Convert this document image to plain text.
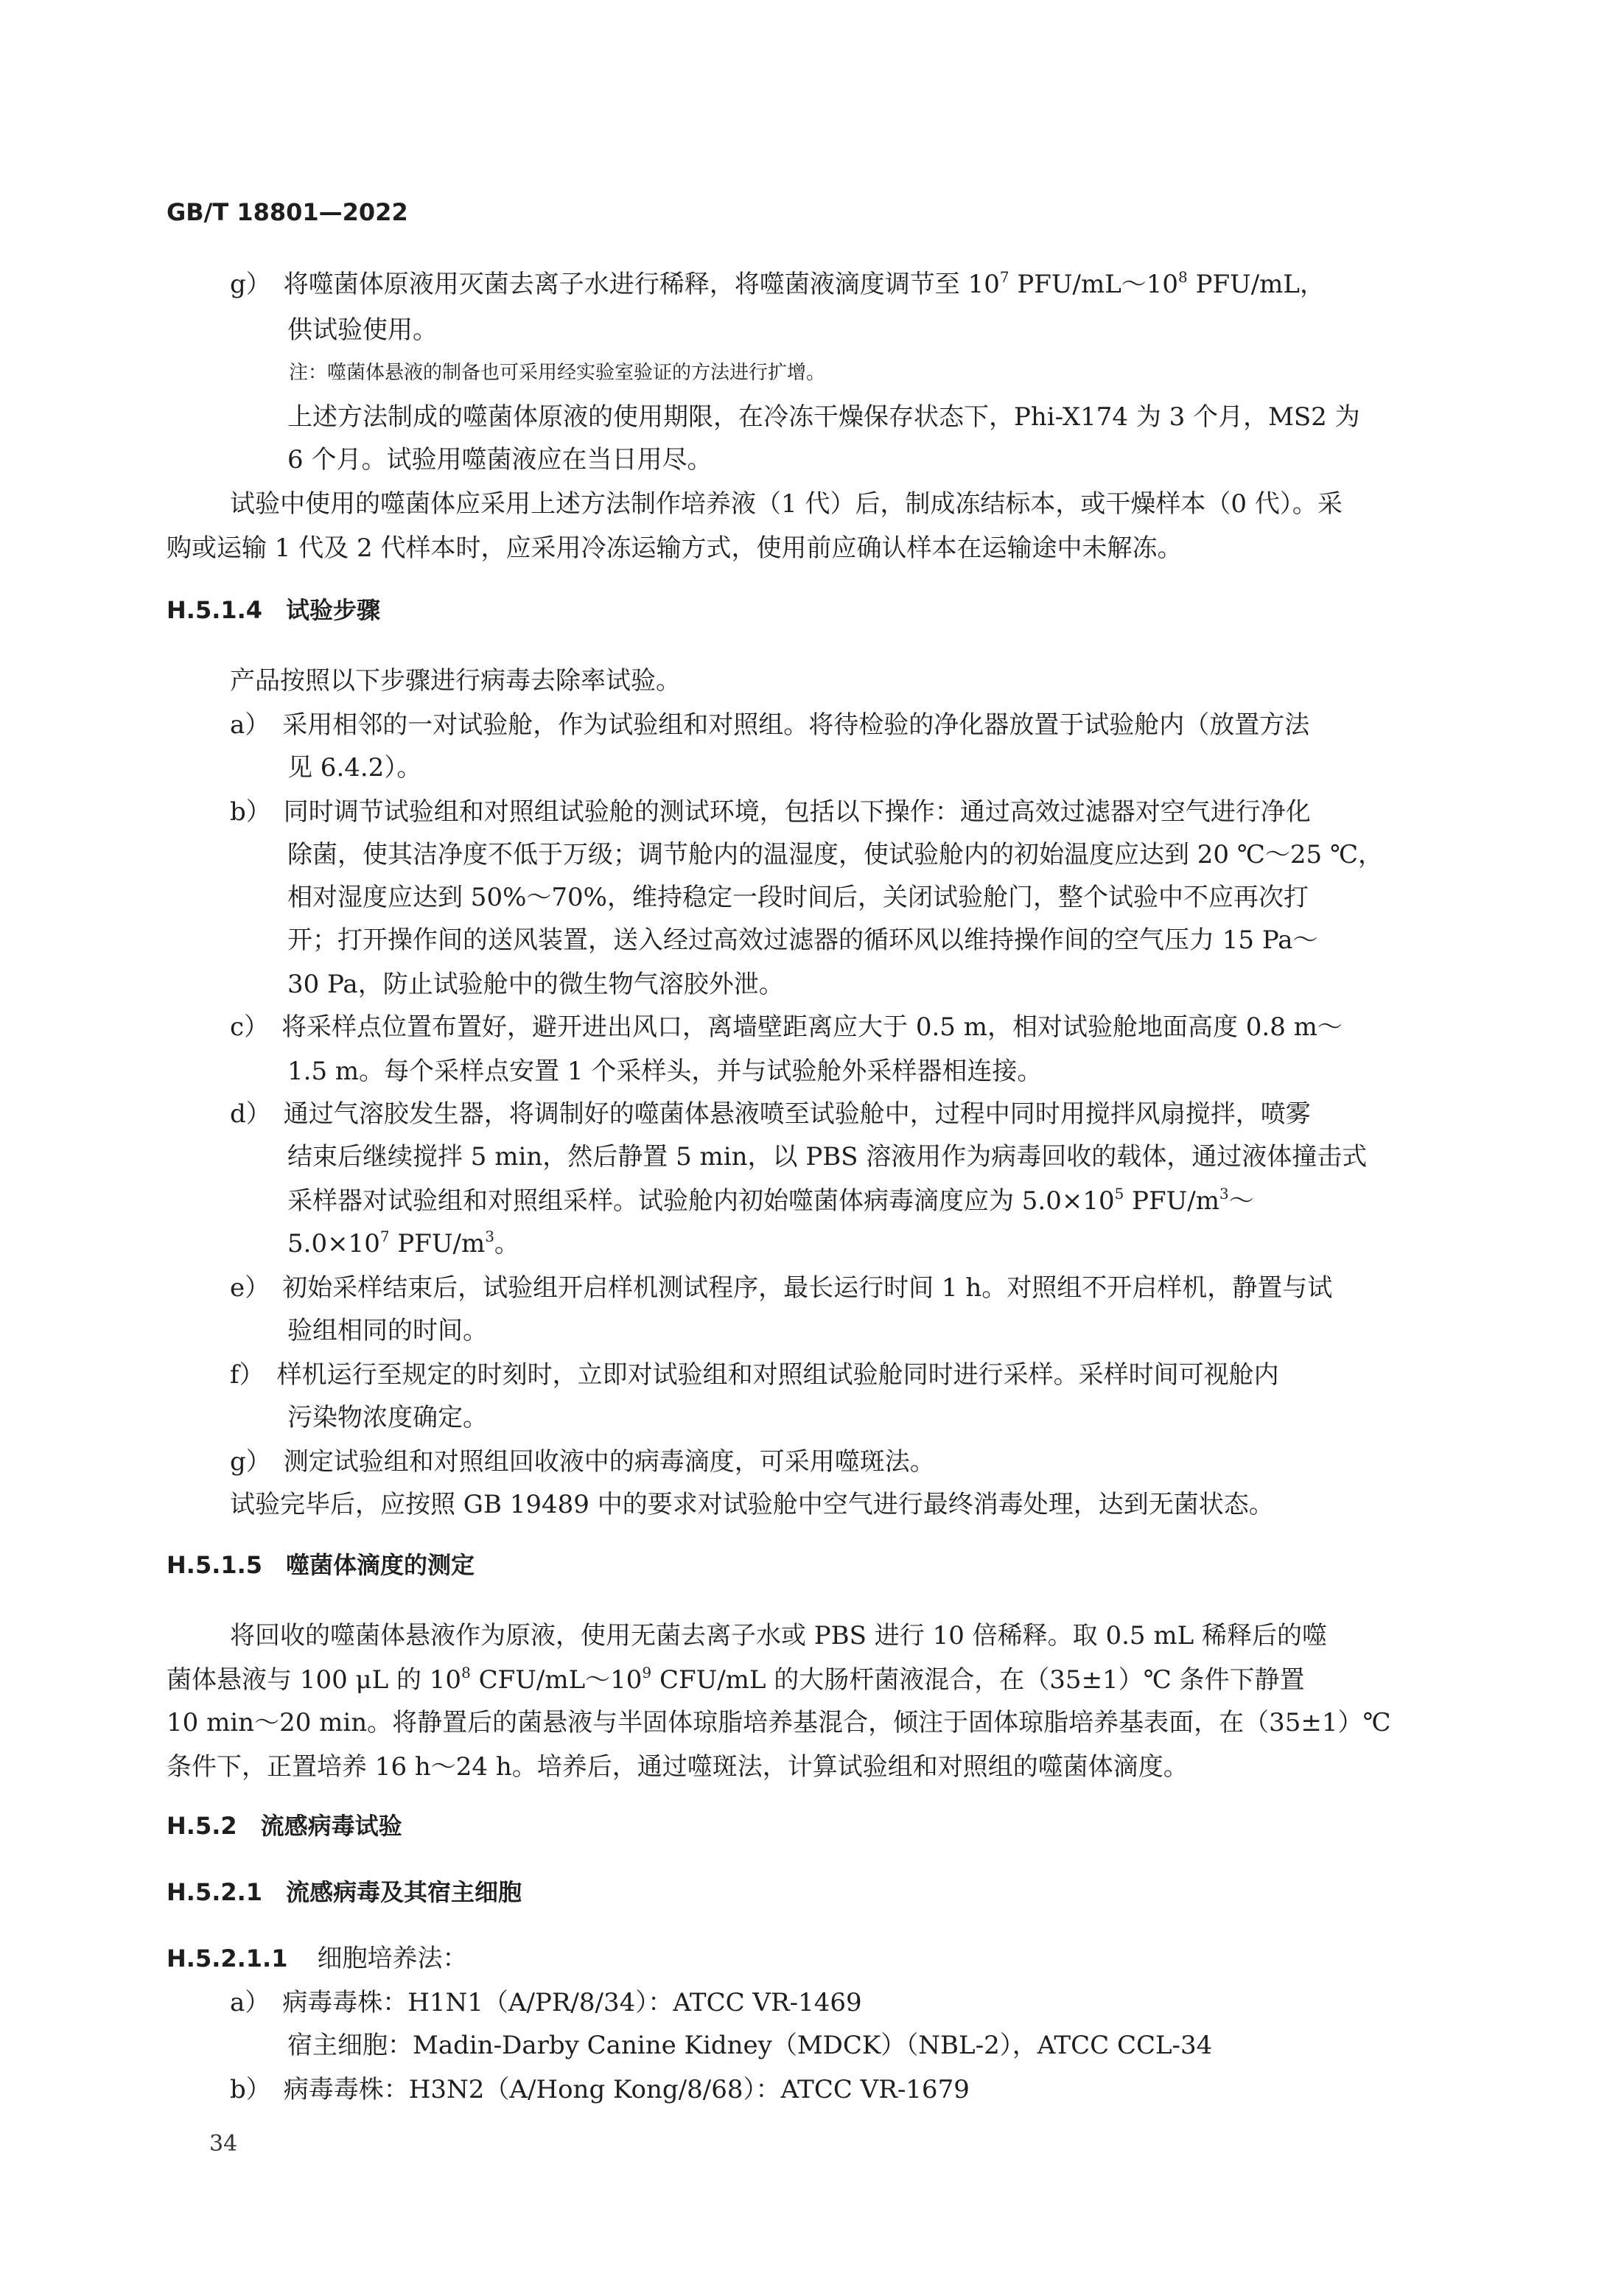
GB/T 18801—2022
g）　将噬菌体原液用灭菌去离子水进行稀释，将噬菌液滴度调节至 $10^7$ PFU/$mL\sim 10^8$ PFU/mL，
供试验使用。
注：噬菌体悬液的制备也可采用经实验室验证的方法进行扩增。
上述方法制成的噬菌体原液的使用期限，在冷冻干燥保存状态下，Phi-X174 为 3 个月，MS2 为
6 个月。试验用噬菌液应在当日用尽。
试验中使用的噬菌体应采用上述方法制作培养液（1 代）后，制成冻结标本，或干燥样本（0 代）。采
购或运输 1 代及 2 代样本时，应采用冷冻运输方式，使用前应确认样本在运输途中未解冻。
H.5.1.4　试验步骤
产品按照以下步骤进行病毒去除率试验。
a）　采用相邻的一对试验舱，作为试验组和对照组。将待检验的净化器放置于试验舱内（放置方法
见 6.4.2）。
b）　同时调节试验组和对照组试验舱的测试环境，包括以下操作：通过高效过滤器对空气进行净化
除菌，使其洁净度不低于万级；调节舱内的温湿度，使试验舱内的初始温度应达到 20 ℃～25 ℃，
相对湿度应达到 50%～70%，维持稳定一段时间后，关闭试验舱门，整个试验中不应再次打
开；打开操作间的送风装置，送入经过高效过滤器的循环风以维持操作间的空气压力 15 Pa～
30 Pa，防止试验舱中的微生物气溶胶外泄。
c）　将采样点位置布置好，避开进出风口，离墙壁距离应大于 0.5 m，相对试验舱地面高度 0.8 m～
1.5 m。每个采样点安置 1 个采样头，并与试验舱外采样器相连接。
d）　通过气溶胶发生器，将调制好的噬菌体悬液喷至试验舱中，过程中同时用搅拌风扇搅拌，喷雾
结束后继续搅拌 5 min，然后静置 5 min，以 PBS 溶液用作为病毒回收的载体，通过液体撞击式
采样器对试验组和对照组采样。试验舱内初始噬菌体病毒滴度应为 $5.0\times 10^5$ PFU/$m^3\sim$
$5.0\times 10^7$ PFU/$m^3$。
e）　初始采样结束后，试验组开启样机测试程序，最长运行时间 1 h。对照组不开启样机，静置与试
验组相同的时间。
f）　样机运行至规定的时刻时，立即对试验组和对照组试验舱同时进行采样。采样时间可视舱内
污染物浓度确定。
g）　测定试验组和对照组回收液中的病毒滴度，可采用噬斑法。
试验完毕后，应按照 GB 19489 中的要求对试验舱中空气进行最终消毒处理，达到无菌状态。
H.5.1.5　噬菌体滴度的测定
将回收的噬菌体悬液作为原液，使用无菌去离子水或 PBS 进行 10 倍稀释。取 0.5 mL 稀释后的噬
菌体悬液与 100 μL 的 $10^8$ CFU/$mL\sim 10^9$ CFU/mL 的大肠杆菌液混合，在（35±1）℃ 条件下静置
10 min～20 min。将静置后的菌悬液与半固体琼脂培养基混合，倾注于固体琼脂培养基表面，在（35±1）℃
条件下，正置培养 16 h～24 h。培养后，通过噬斑法，计算试验组和对照组的噬菌体滴度。
H.5.2　流感病毒试验
H.5.2.1　流感病毒及其宿主细胞
H.5.2.1.1 细胞培养法：
a）　病毒毒株：H1N1（A/PR/8/34）：ATCC VR-1469
宿主细胞：Madin-Darby Canine Kidney（MDCK）（NBL-2），ATCC CCL-34
b）　病毒毒株：H3N2（A/Hong Kong/8/68）：ATCC VR-1679
34
